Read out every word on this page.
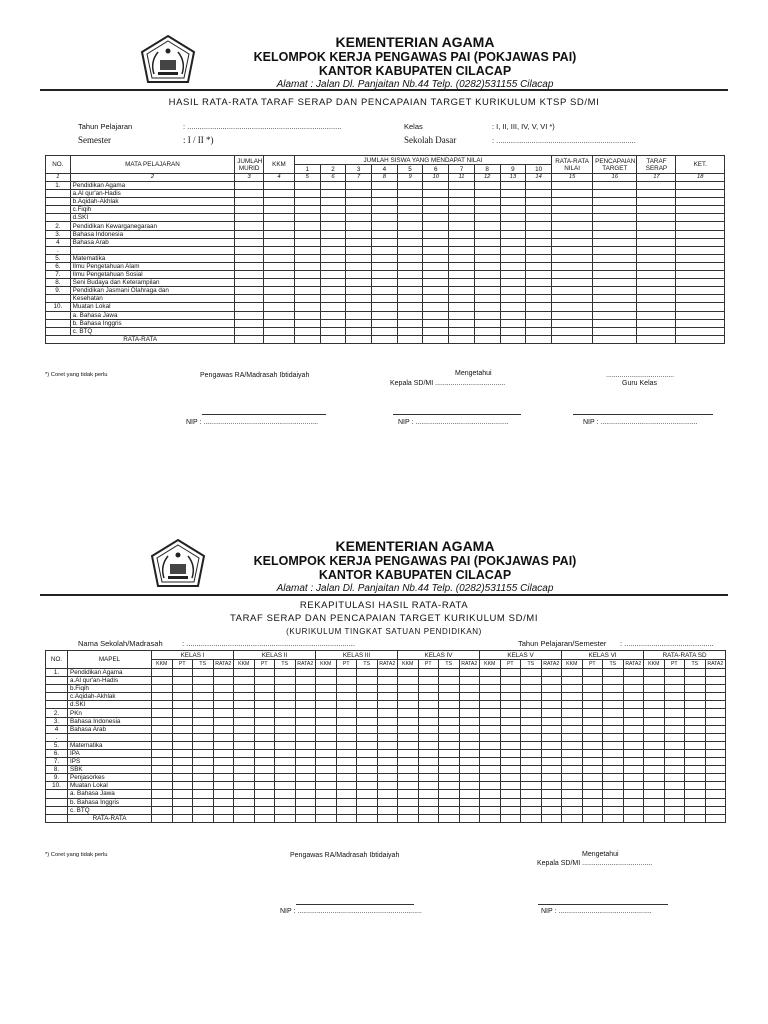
KEMENTERIAN AGAMA
KELOMPOK KERJA PENGAWAS PAI (POKJAWAS PAI)
KANTOR KABUPATEN CILACAP
Alamat : Jalan Dl. Panjaitan Nb.44 Telp. (0282)531155 Cilacap
HASIL RATA-RATA TARAF SERAP DAN PENCAPAIAN TARGET KURIKULUM KTSP SD/MI
Tahun Pelajaran	: ..........................................................................
Semester	: I / II *)
Kelas	: I, II, III, IV, V, VI *)
Sekolah Dasar	: ...................................................................
NO.	MATA PELAJARAN	JUMLAH MURID	KKM	JUMLAH SISWA YANG MENDAPAT NILAI										RATA-RATA NILAI	PENCAPAIAN TARGET	TARAF SERAP	KET.
				1	2	3	4	5	6	7	8	9	10				
1	2	3	4	5	6	7	8	9	10	11	12	13	14	15	16	17	18
1.	Pendidikan Agama																
	a.Al qur'an-Hadis																
	b.Aqidah-Akhlak																
	c.Fiqih																
	d.SKI																
2.	Pendidikan Kewarganegaraan																
3.	Bahasa Indonesia																
4	Bahasa Arab																
.																	
5.	Matematika																
6.	Ilmu Pengetahuan Alam																
7.	Ilmu Pengetahuan Sosial																
8.	Seni Budaya dan Keterampilan																
9.	Pendidikan Jasmani Olahraga dan																
	Kesehatan																
10.	Muatan Lokal																
	a. Bahasa Jawa																
	b. Bahasa Inggris																
	c. BTQ																
RATA-RATA																	
*) Coret yang tidak perlu	Pengawas RA/Madrasah Ibtidaiyah	Mengetahui
Kepala SD/MI ....................................
...................................
Guru Kelas
NIP : ...........................................................	NIP : ................................................	NIP : ..................................................
KEMENTERIAN AGAMA
KELOMPOK KERJA PENGAWAS PAI (POKJAWAS PAI)
KANTOR KABUPATEN CILACAP
Alamat : Jalan Dl. Panjaitan Nb.44 Telp. (0282)531155 Cilacap
REKAPITULASI HASIL RATA-RATA
TARAF SERAP DAN PENCAPAIAN TARGET KURIKULUM SD/MI
(KURIKULUM TINGKAT SATUAN PENDIDIKAN)
Nama Sekolah/Madrasah	: .................................................................................	Tahun Pelajaran/Semester : ...........................................
NO.	MAPEL	KELAS I				KELAS II				KELAS III				KELAS IV				KELAS V				KELAS VI				RATA-RATA SD			
		KKM	PT	TS	RATA2	KKM	PT	TS	RATA2	KKM	PT	TS	RATA2	KKM	PT	TS	RATA2	KKM	PT	TS	RATA2	KKM	PT	TS	RATA2	KKM	PT	TS	RATA2
1.	Pendidikan Agama																												
	a.Al qur'an-Hadis																												
	b.Fiqih																												
	c.Aqidah-Akhlak																												
	d.SKI																												
2.	PKn																												
3.	Bahasa Indonesia																												
4	Bahasa Arab																												
.																													
5.	Matematika																												
6.	IPA																												
7.	IPS																												
8.	SBK																												
9.	Penjasorkes																												
10.	Muatan Lokal																												
	a. Bahasa Jawa																												
	b. Bahasa Inggris																												
	c. BTQ																												
	RATA-RATA																												
*) Coret yang tidak perlu	Pengawas RA/Madrasah Ibtidaiyah	Mengetahui
Kepala SD/MI ....................................
NIP : ................................................................	NIP : ................................................
